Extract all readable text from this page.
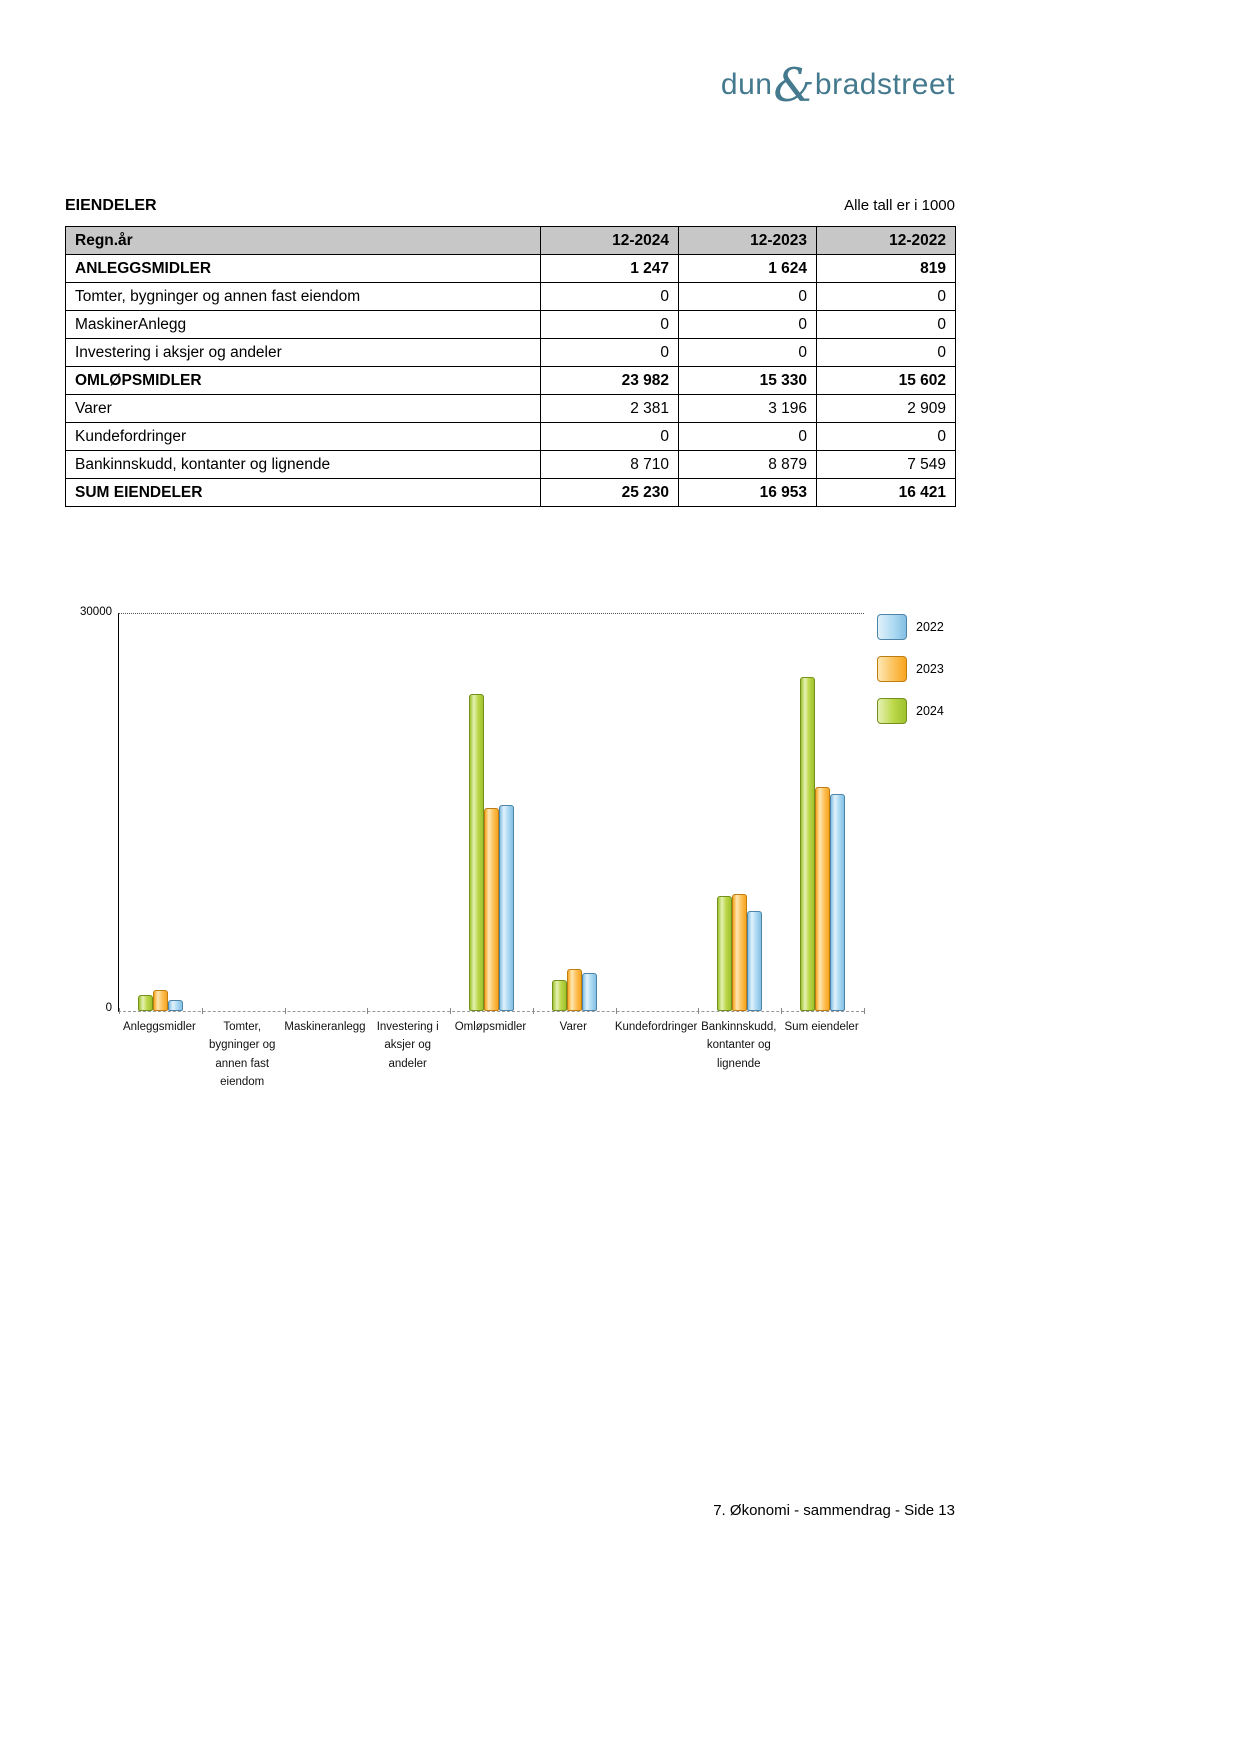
dun&bradstreet
EIENDELER	Alle tall er i 1000
Regn.år	12-2024	12-2023	12-2022
ANLEGGSMIDLER	1 247	1 624	819
Tomter, bygninger og annen fast eiendom	0	0	0
MaskinerAnlegg	0	0	0
Investering i aksjer og andeler	0	0	0
OMLØPSMIDLER	23 982	15 330	15 602
Varer	2 381	3 196	2 909
Kundefordringer	0	0	0
Bankinnskudd, kontanter og lignende	8 710	8 879	7 549
SUM EIENDELER	25 230	16 953	16 421
30000
0
Anleggsmidler	Tomter,
bygninger og
annen fast
eiendom
Maskineranlegg Investering i
aksjer og
andeler
Omløpsmidler	Varer	Kundefordringer Bankinnskudd,
kontanter og
lignende
Sum eiendeler
2022
2023
2024
7. Økonomi - sammendrag - Side 13
